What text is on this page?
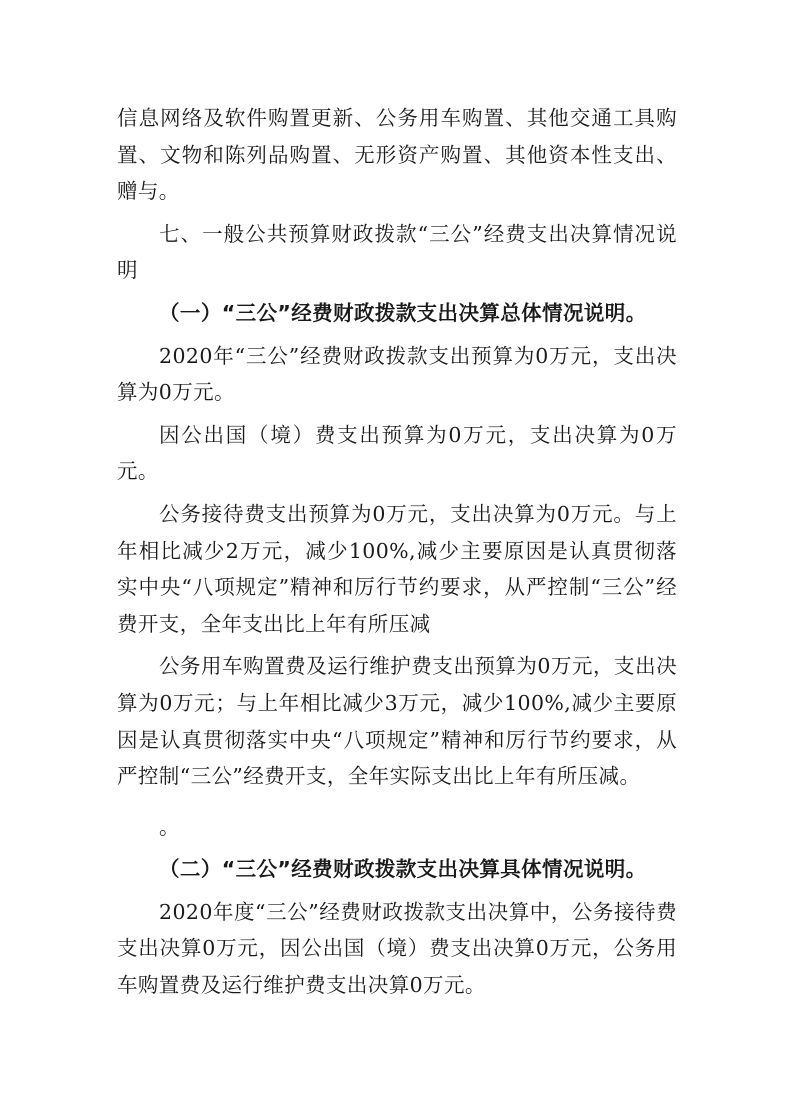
信息网络及软件购置更新、公务用车购置、其他交通工具购置、文物和陈列品购置、无形资产购置、其他资本性支出、赠与。

七、一般公共预算财政拨款“三公”经费支出决算情况说明

（一）“三公”经费财政拨款支出决算总体情况说明。

2020年“三公”经费财政拨款支出预算为0万元，支出决算为0万元。

因公出国（境）费支出预算为0万元，支出决算为0万元。

公务接待费支出预算为0万元，支出决算为0万元。与上年相比减少2万元，减少100%,减少主要原因是认真贯彻落实中央“八项规定”精神和厉行节约要求，从严控制“三公”经费开支，全年支出比上年有所压减

公务用车购置费及运行维护费支出预算为0万元，支出决算为0万元；与上年相比减少3万元，减少100%,减少主要原因是认真贯彻落实中央“八项规定”精神和厉行节约要求，从严控制“三公”经费开支，全年实际支出比上年有所压减。

。

（二）“三公”经费财政拨款支出决算具体情况说明。

2020年度“三公”经费财政拨款支出决算中，公务接待费支出决算0万元，因公出国（境）费支出决算0万元，公务用车购置费及运行维护费支出决算0万元。
